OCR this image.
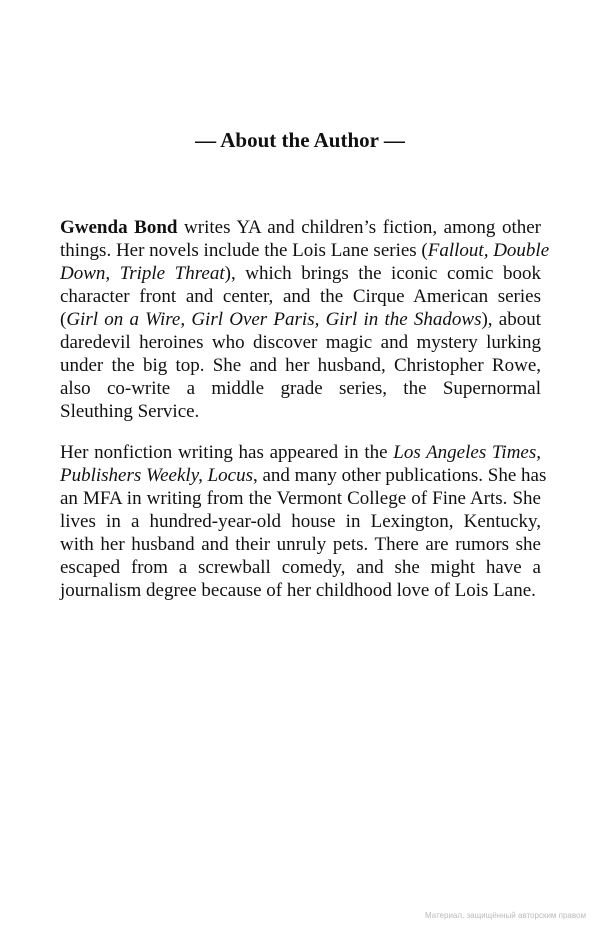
— About the Author —
Gwenda Bond writes YA and children’s fiction, among other
things. Her novels include the Lois Lane series (Fallout, Double
Down, Triple Threat), which brings the iconic comic book
character front and center, and the Cirque American series
(Girl on a Wire, Girl Over Paris, Girl in the Shadows), about
daredevil heroines who discover magic and mystery lurking
under the big top. She and her husband, Christopher Rowe,
also co-write a middle grade series, the Supernormal
Sleuthing Service.
Her nonfiction writing has appeared in the Los Angeles Times,
Publishers Weekly, Locus, and many other publications. She has
an MFA in writing from the Vermont College of Fine Arts. She
lives in a hundred-year-old house in Lexington, Kentucky,
with her husband and their unruly pets. There are rumors she
escaped from a screwball comedy, and she might have a
journalism degree because of her childhood love of Lois Lane.
Материал, защищённый авторским правом
